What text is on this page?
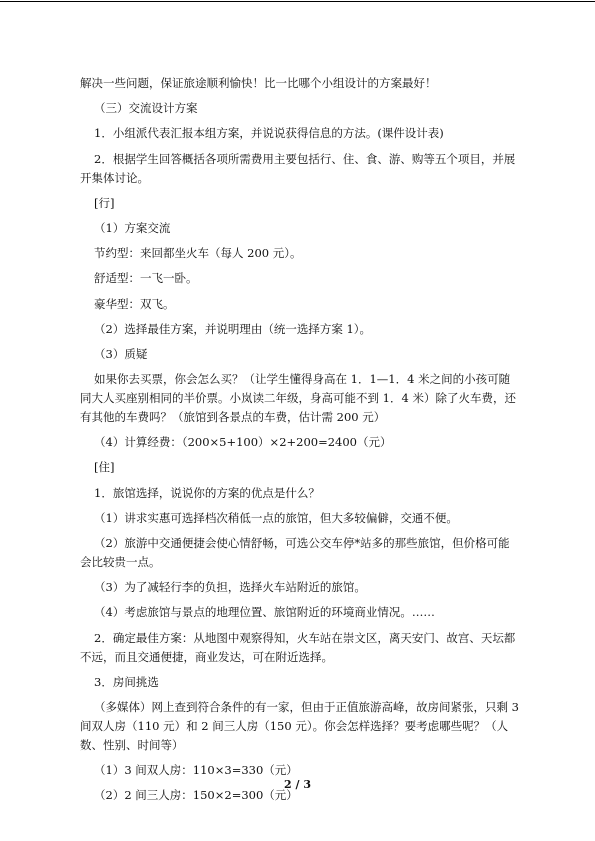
解决一些问题，保证旅途顺利愉快！比一比哪个小组设计的方案最好！

（三）交流设计方案

1．小组派代表汇报本组方案，并说说获得信息的方法。(课件设计表)

2．根据学生回答概括各项所需费用主要包括行、住、食、游、购等五个项目，并展开集体讨论。

[行]

（1）方案交流

节约型：来回都坐火车（每人 200 元）。

舒适型：一飞一卧。

豪华型：双飞。

（2）选择最佳方案，并说明理由（统一选择方案 1）。

（3）质疑

如果你去买票，你会怎么买？（让学生懂得身高在 1．1—1．4 米之间的小孩可随同大人买座别相同的半价票。小岚读二年级，身高可能不到 1．4 米）除了火车费，还有其他的车费吗？（旅馆到各景点的车费，估计需 200 元）

（4）计算经费：（200×5+100）×2+200=2400（元）

[住]

1．旅馆选择，说说你的方案的优点是什么？

（1）讲求实惠可选择档次稍低一点的旅馆，但大多较偏僻，交通不便。

（2）旅游中交通便捷会使心情舒畅，可选公交车停*站多的那些旅馆，但价格可能会比较贵一点。

（3）为了减轻行李的负担，选择火车站附近的旅馆。

（4）考虑旅馆与景点的地理位置、旅馆附近的环境商业情况。……

2．确定最佳方案：从地图中观察得知，火车站在崇文区，离天安门、故宫、天坛都不远，而且交通便捷，商业发达，可在附近选择。

3．房间挑选

（多媒体）网上查到符合条件的有一家，但由于正值旅游高峰，故房间紧张，只剩 3 间双人房（110 元）和 2 间三人房（150 元）。你会怎样选择？要考虑哪些呢？（人数、性别、时间等）

（1）3 间双人房：110×3=330（元）

（2）2 间三人房：150×2=300（元）

2 / 3
